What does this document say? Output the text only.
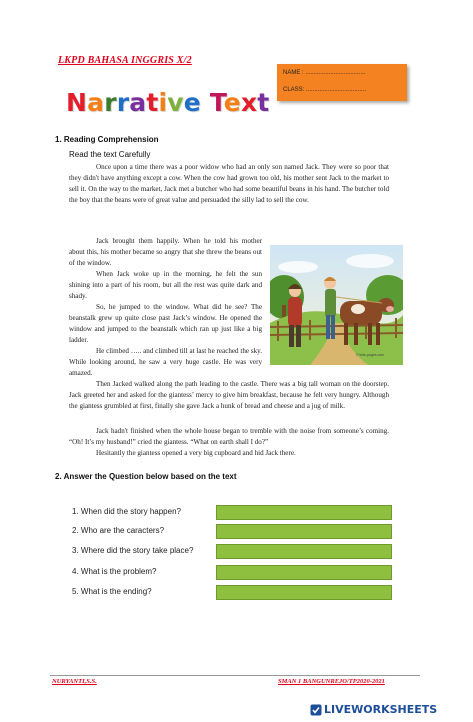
LKPD BAHASA INGGRIS X/2
NAME : ....................................
CLASS: ....................................
Narrative Text
1. Reading Comprehension
Read the text Carefully

Once upon a time there was a poor widow who had an only son named Jack. They were so poor that they didn't have anything except a cow. When the cow had grown too old, his mother sent Jack to the market to sell it. On the way to the market, Jack met a butcher who had some beautiful beans in his hand. The butcher told the boy that the beans were of great value and persuaded the silly lad to sell the cow.

Jack brought them happily. When he told his mother about this, his mother became so angry that she threw the beans out of the window.

When Jack woke up in the morning, he felt the sun shining into a part of his room, but all the rest was quite dark and shady.

So, he jumped to the window. What did he see? The beanstalk grew up quite close past Jack’s window. He opened the window and jumped to the beanstalk which ran up just like a big ladder.

He climbed ….. and climbed till at last he reached the sky. While looking around, he saw a very huge castle. He was very amazed.

© kids-pages.com

Then Jacked walked along the path leading to the castle. There was a big tall woman on the doorstep. Jack greeted her and asked for the giantess’ mercy to give him breakfast, because he felt very hungry. Although the giantess grumbled at first, finally she gave Jack a hunk of bread and cheese and a jug of milk.

Jack hadn't finished when the whole house began to tremble with the noise from someone’s coming. “Oh! It’s my husband!” cried the giantess. “What on earth shall I do?”

Hesitantly the giantess opened a very big cupboard and hid Jack there.

2. Answer the Question below based on the text
1. When did the story happen?
2. Who are the caracters?
3. Where did the story take place?
4. What is the problem?
5. What is the ending?
NURYANTI,S.S.	SMAN 1 BANGUNREJO/TP2020-2021
LIVEWORKSHEETS
